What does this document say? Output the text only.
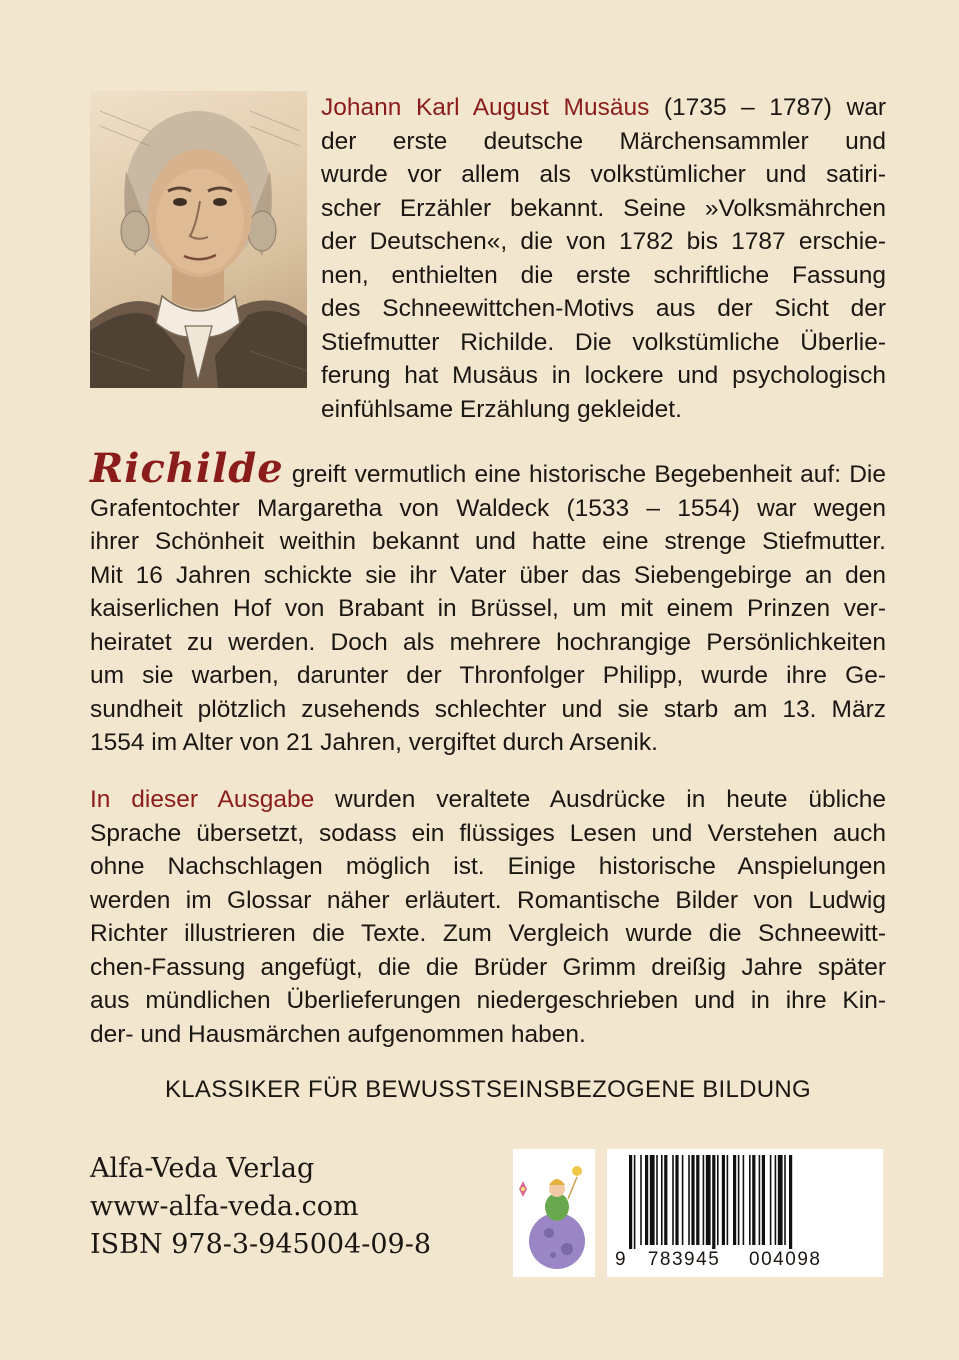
Johann Karl August Musäus (1735 – 1787) war
der erste deutsche Märchensammler und
wurde vor allem als volkstümlicher und satiri-
scher Erzähler bekannt. Seine »Volksmährchen
der Deutschen«, die von 1782 bis 1787 erschie-
nen, enthielten die erste schriftliche Fassung
des Schneewittchen-Motivs aus der Sicht der
Stiefmutter Richilde. Die volkstümliche Überlie-
ferung hat Musäus in lockere und psychologisch
einfühlsame Erzählung gekleidet.
Richilde greift vermutlich eine historische Begebenheit auf: Die
Grafentochter Margaretha von Waldeck (1533 – 1554) war wegen
ihrer Schönheit weithin bekannt und hatte eine strenge Stiefmutter.
Mit 16 Jahren schickte sie ihr Vater über das Siebengebirge an den
kaiserlichen Hof von Brabant in Brüssel, um mit einem Prinzen ver-
heiratet zu werden. Doch als mehrere hochrangige Persönlichkeiten
um sie warben, darunter der Thronfolger Philipp, wurde ihre Ge-
sundheit plötzlich zusehends schlechter und sie starb am 13. März
1554 im Alter von 21 Jahren, vergiftet durch Arsenik.
In dieser Ausgabe wurden veraltete Ausdrücke in heute übliche
Sprache übersetzt, sodass ein flüssiges Lesen und Verstehen auch
ohne Nachschlagen möglich ist. Einige historische Anspielungen
werden im Glossar näher erläutert. Romantische Bilder von Ludwig
Richter illustrieren die Texte. Zum Vergleich wurde die Schneewitt-
chen-Fassung angefügt, die die Brüder Grimm dreißig Jahre später
aus mündlichen Überlieferungen niedergeschrieben und in ihre Kin-
der- und Hausmärchen aufgenommen haben.
KLASSIKER FÜR BEWUSSTSEINSBEZOGENE BILDUNG
Alfa-Veda Verlag
www-alfa-veda.com
ISBN 978-3-945004-09-8	9 783945 004098
